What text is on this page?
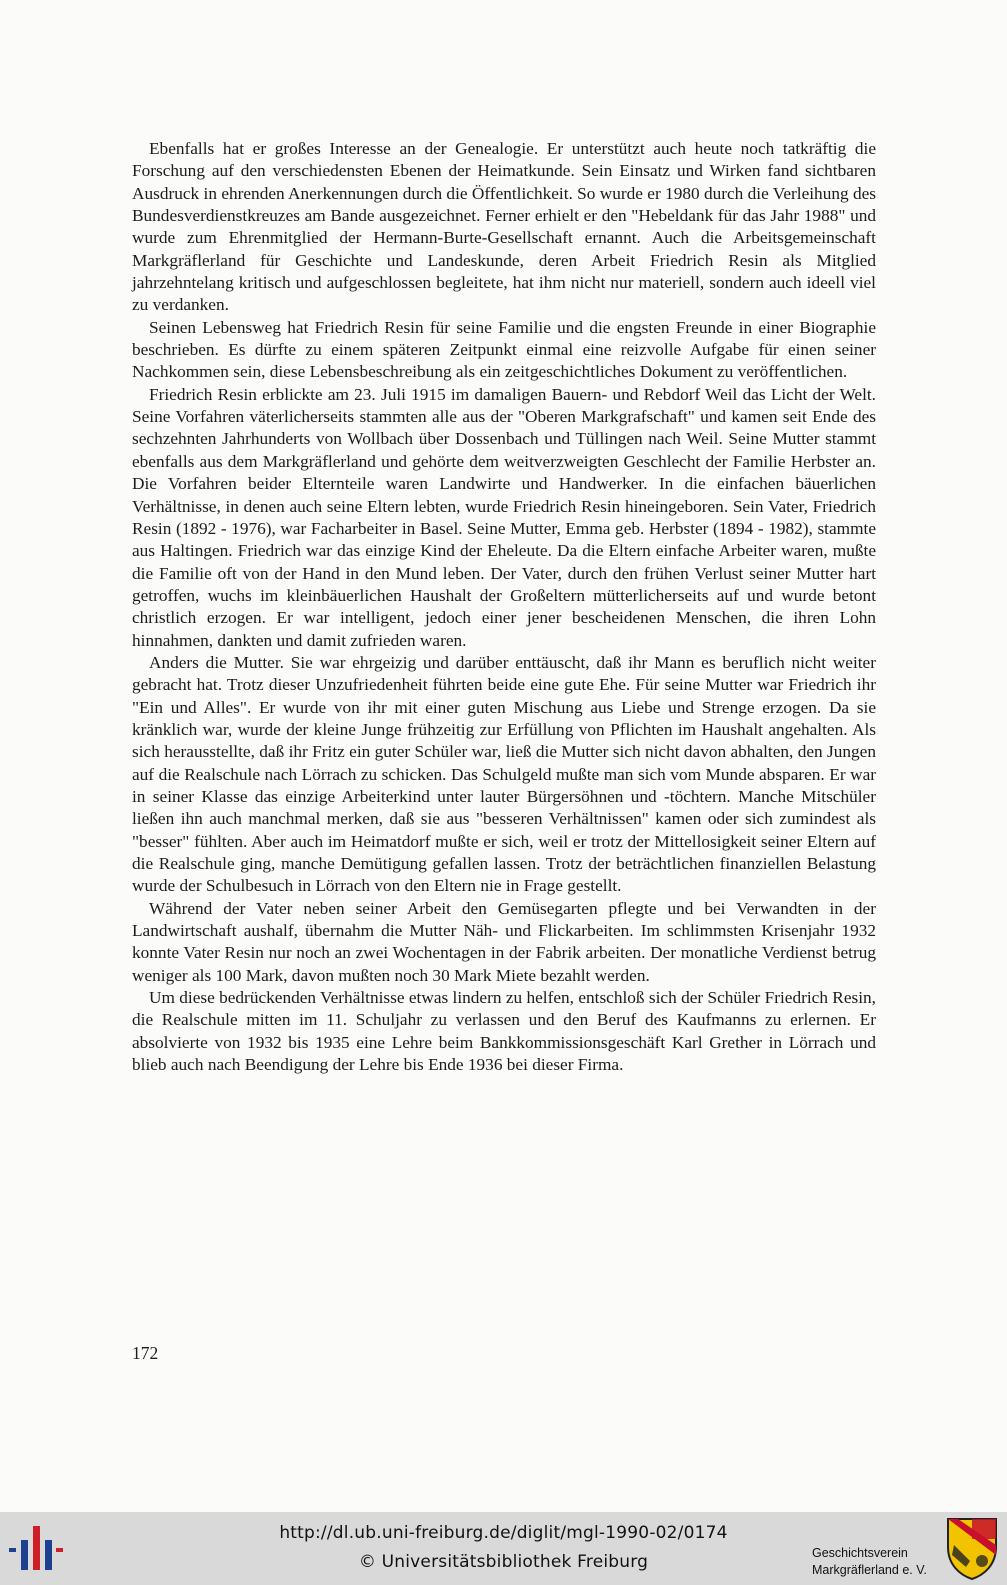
Ebenfalls hat er großes Interesse an der Genealogie. Er unterstützt auch heute noch tatkräftig die Forschung auf den verschiedensten Ebenen der Heimatkunde. Sein Einsatz und Wirken fand sichtbaren Ausdruck in ehrenden Anerkennungen durch die Öffentlichkeit. So wurde er 1980 durch die Verleihung des Bundesverdienstkreuzes am Bande ausgezeichnet. Ferner erhielt er den "Hebeldank für das Jahr 1988" und wurde zum Ehrenmitglied der Hermann-Burte-Gesellschaft ernannt. Auch die Arbeitsgemeinschaft Markgräflerland für Geschichte und Landeskunde, deren Arbeit Friedrich Resin als Mitglied jahrzehntelang kritisch und aufgeschlossen begleitete, hat ihm nicht nur materiell, sondern auch ideell viel zu verdanken.

Seinen Lebensweg hat Friedrich Resin für seine Familie und die engsten Freunde in einer Biographie beschrieben. Es dürfte zu einem späteren Zeitpunkt einmal eine reizvolle Aufgabe für einen seiner Nachkommen sein, diese Lebensbeschreibung als ein zeitgeschichtliches Dokument zu veröffentlichen.

Friedrich Resin erblickte am 23. Juli 1915 im damaligen Bauern- und Rebdorf Weil das Licht der Welt. Seine Vorfahren väterlicherseits stammten alle aus der "Oberen Markgrafschaft" und kamen seit Ende des sechzehnten Jahrhunderts von Wollbach über Dossenbach und Tüllingen nach Weil. Seine Mutter stammt ebenfalls aus dem Markgräflerland und gehörte dem weitverzweigten Geschlecht der Familie Herbster an. Die Vorfahren beider Elternteile waren Landwirte und Handwerker. In die einfachen bäuerlichen Verhältnisse, in denen auch seine Eltern lebten, wurde Friedrich Resin hineingeboren. Sein Vater, Friedrich Resin (1892 - 1976), war Facharbeiter in Basel. Seine Mutter, Emma geb. Herbster (1894 - 1982), stammte aus Haltingen. Friedrich war das einzige Kind der Eheleute. Da die Eltern einfache Arbeiter waren, mußte die Familie oft von der Hand in den Mund leben. Der Vater, durch den frühen Verlust seiner Mutter hart getroffen, wuchs im kleinbäuerlichen Haushalt der Großeltern mütterlicherseits auf und wurde betont christlich erzogen. Er war intelligent, jedoch einer jener bescheidenen Menschen, die ihren Lohn hinnahmen, dankten und damit zufrieden waren.

Anders die Mutter. Sie war ehrgeizig und darüber enttäuscht, daß ihr Mann es beruflich nicht weiter gebracht hat. Trotz dieser Unzufriedenheit führten beide eine gute Ehe. Für seine Mutter war Friedrich ihr "Ein und Alles". Er wurde von ihr mit einer guten Mischung aus Liebe und Strenge erzogen. Da sie kränklich war, wurde der kleine Junge frühzeitig zur Erfüllung von Pflichten im Haushalt angehalten. Als sich herausstellte, daß ihr Fritz ein guter Schüler war, ließ die Mutter sich nicht davon abhalten, den Jungen auf die Realschule nach Lörrach zu schicken. Das Schulgeld mußte man sich vom Munde absparen. Er war in seiner Klasse das einzige Arbeiterkind unter lauter Bürgersöhnen und -töchtern. Manche Mitschüler ließen ihn auch manchmal merken, daß sie aus "besseren Verhältnissen" kamen oder sich zumindest als "besser" fühlten. Aber auch im Heimatdorf mußte er sich, weil er trotz der Mittellosigkeit seiner Eltern auf die Realschule ging, manche Demütigung gefallen lassen. Trotz der beträchtlichen finanziellen Belastung wurde der Schulbesuch in Lörrach von den Eltern nie in Frage gestellt.

Während der Vater neben seiner Arbeit den Gemüsegarten pflegte und bei Verwandten in der Landwirtschaft aushalf, übernahm die Mutter Näh- und Flickarbeiten. Im schlimmsten Krisenjahr 1932 konnte Vater Resin nur noch an zwei Wochentagen in der Fabrik arbeiten. Der monatliche Verdienst betrug weniger als 100 Mark, davon mußten noch 30 Mark Miete bezahlt werden.

Um diese bedrückenden Verhältnisse etwas lindern zu helfen, entschloß sich der Schüler Friedrich Resin, die Realschule mitten im 11. Schuljahr zu verlassen und den Beruf des Kaufmanns zu erlernen. Er absolvierte von 1932 bis 1935 eine Lehre beim Bankkommissionsgeschäft Karl Grether in Lörrach und blieb auch nach Beendigung der Lehre bis Ende 1936 bei dieser Firma.

172
http://dl.ub.uni-freiburg.de/diglit/mgl-1990-02/0174
© Universitätsbibliothek Freiburg	Geschichtsverein
Markgräflerland e. V.
